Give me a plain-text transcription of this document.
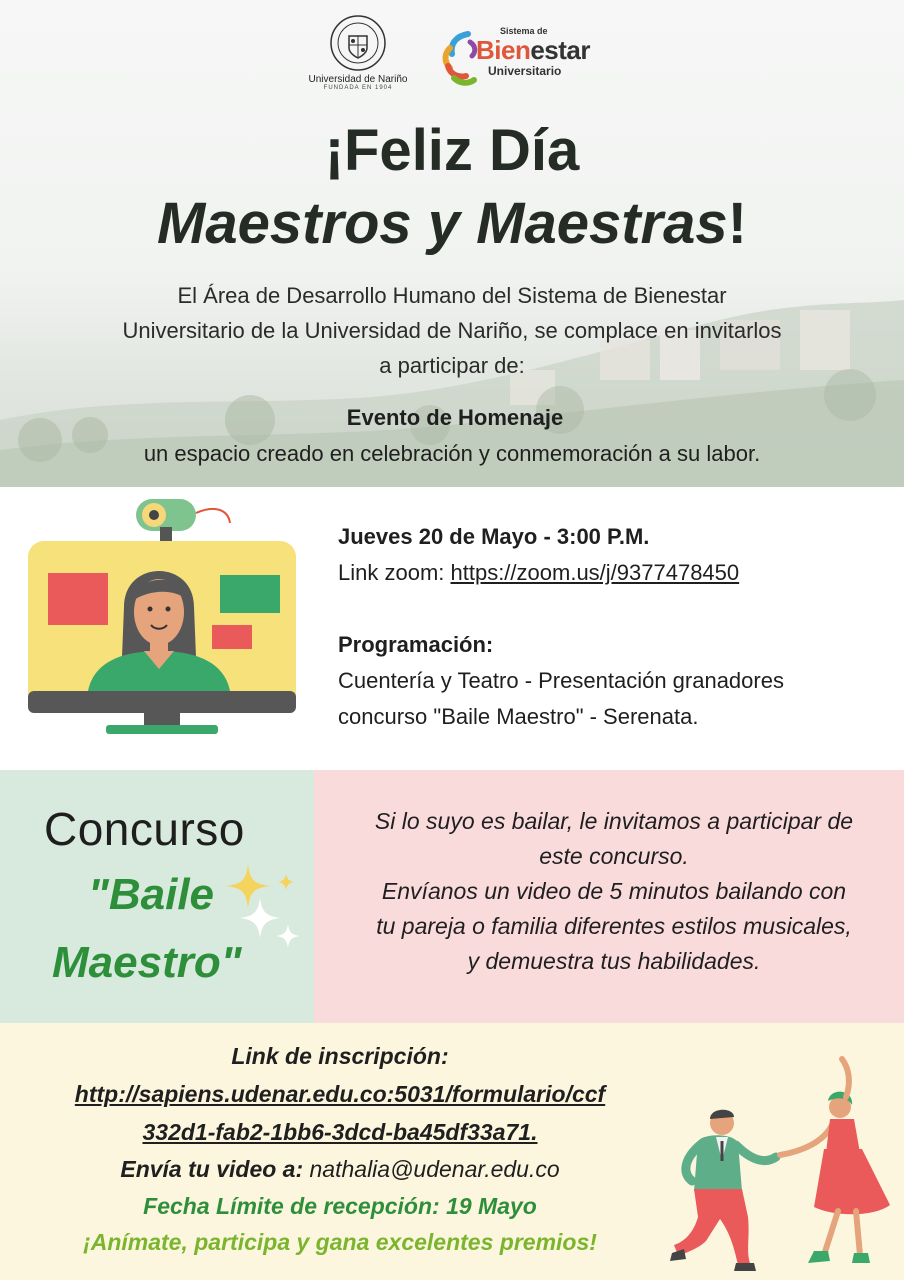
Universidad de Nariño
FUNDADA EN 1904
Sistema de
Bienestar
Universitario
¡Feliz Día
Maestros y Maestras!
El Área de Desarrollo Humano del Sistema de Bienestar
Universitario de la Universidad de Nariño, se complace en invitarlos
a participar de:
Evento de Homenaje
un espacio creado en celebración y conmemoración a su labor.
Jueves 20 de Mayo - 3:00 P.M.
Link zoom: https://zoom.us/j/9377478450
Programación:
Cuentería y Teatro - Presentación granadores
concurso "Baile Maestro" - Serenata.
Concurso
"Baile
Maestro"
Si lo suyo es bailar, le invitamos a participar de
este concurso.
Envíanos un video de 5 minutos bailando con
tu pareja o familia diferentes estilos musicales,
y demuestra tus habilidades.
Link de inscripción:
http://sapiens.udenar.edu.co:5031/formulario/ccf
332d1-fab2-1bb6-3dcd-ba45df33a71.
Envía tu video a: nathalia@udenar.edu.co
Fecha Límite de recepción: 19 Mayo
¡Anímate, participa y gana excelentes premios!
